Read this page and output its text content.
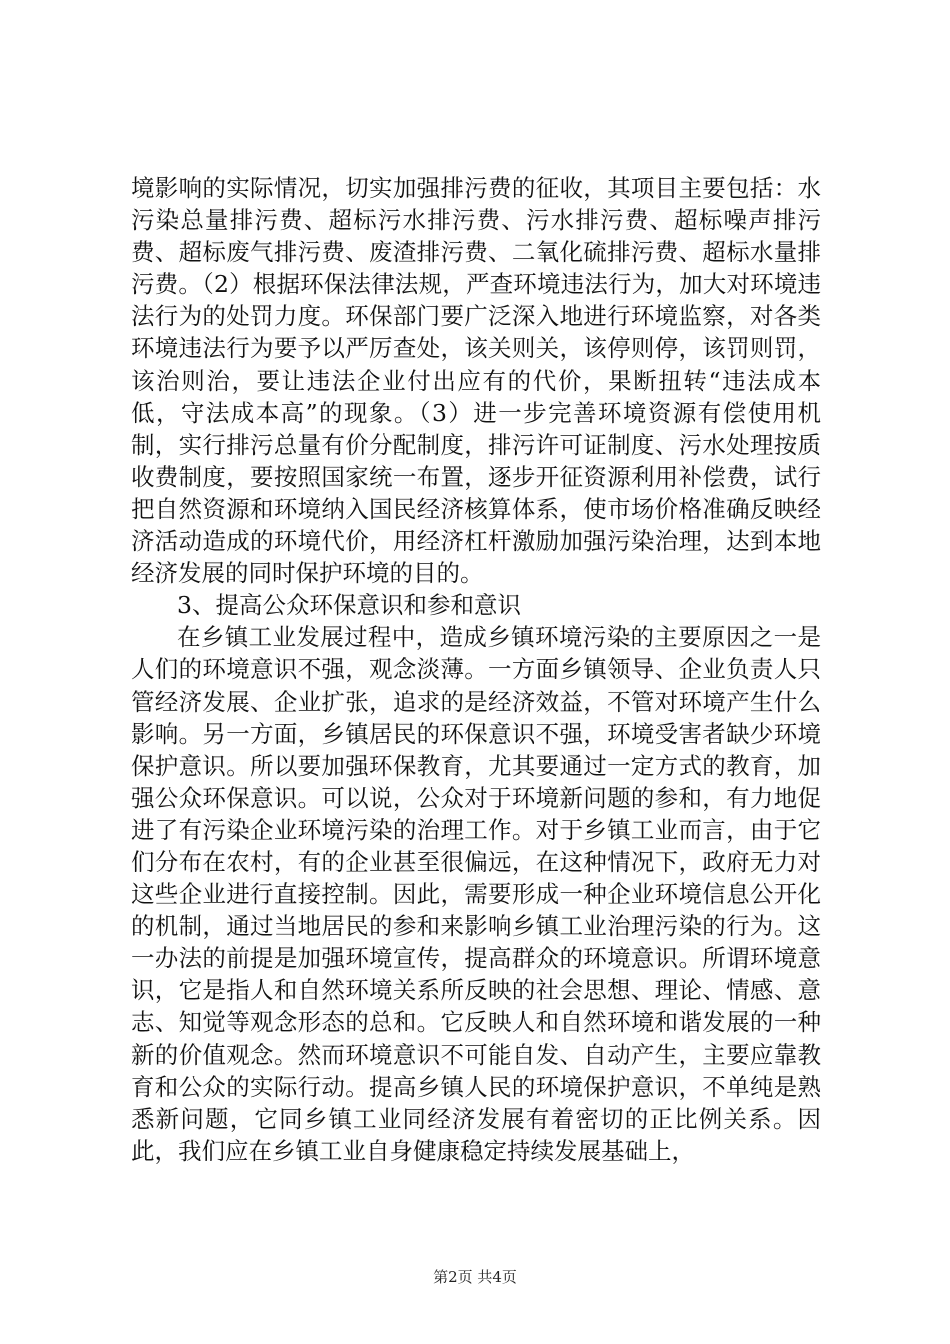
境影响的实际情况，切实加强排污费的征收，其项目主要包括：水污染总量排污费、超标污水排污费、污水排污费、超标噪声排污费、超标废气排污费、废渣排污费、二氧化硫排污费、超标水量排污费。（2）根据环保法律法规，严查环境违法行为，加大对环境违法行为的处罚力度。环保部门要广泛深入地进行环境监察，对各类环境违法行为要予以严厉查处，该关则关，该停则停，该罚则罚，该治则治，要让违法企业付出应有的代价，果断扭转“违法成本低，守法成本高”的现象。（3）进一步完善环境资源有偿使用机制，实行排污总量有价分配制度，排污许可证制度、污水处理按质收费制度，要按照国家统一布置，逐步开征资源利用补偿费，试行把自然资源和环境纳入国民经济核算体系，使市场价格准确反映经济活动造成的环境代价，用经济杠杆激励加强污染治理，达到本地经济发展的同时保护环境的目的。

3、提高公众环保意识和参和意识

在乡镇工业发展过程中，造成乡镇环境污染的主要原因之一是人们的环境意识不强，观念淡薄。一方面乡镇领导、企业负责人只管经济发展、企业扩张，追求的是经济效益，不管对环境产生什么影响。另一方面，乡镇居民的环保意识不强，环境受害者缺少环境保护意识。所以要加强环保教育，尤其要通过一定方式的教育，加强公众环保意识。可以说，公众对于环境新问题的参和，有力地促进了有污染企业环境污染的治理工作。对于乡镇工业而言，由于它们分布在农村，有的企业甚至很偏远，在这种情况下，政府无力对这些企业进行直接控制。因此，需要形成一种企业环境信息公开化的机制，通过当地居民的参和来影响乡镇工业治理污染的行为。这一办法的前提是加强环境宣传，提高群众的环境意识。所谓环境意识，它是指人和自然环境关系所反映的社会思想、理论、情感、意志、知觉等观念形态的总和。它反映人和自然环境和谐发展的一种新的价值观念。然而环境意识不可能自发、自动产生，主要应靠教育和公众的实际行动。提高乡镇人民的环境保护意识，不单纯是熟悉新问题，它同乡镇工业同经济发展有着密切的正比例关系。因此，我们应在乡镇工业自身健康稳定持续发展基础上，

第2页 共4页
